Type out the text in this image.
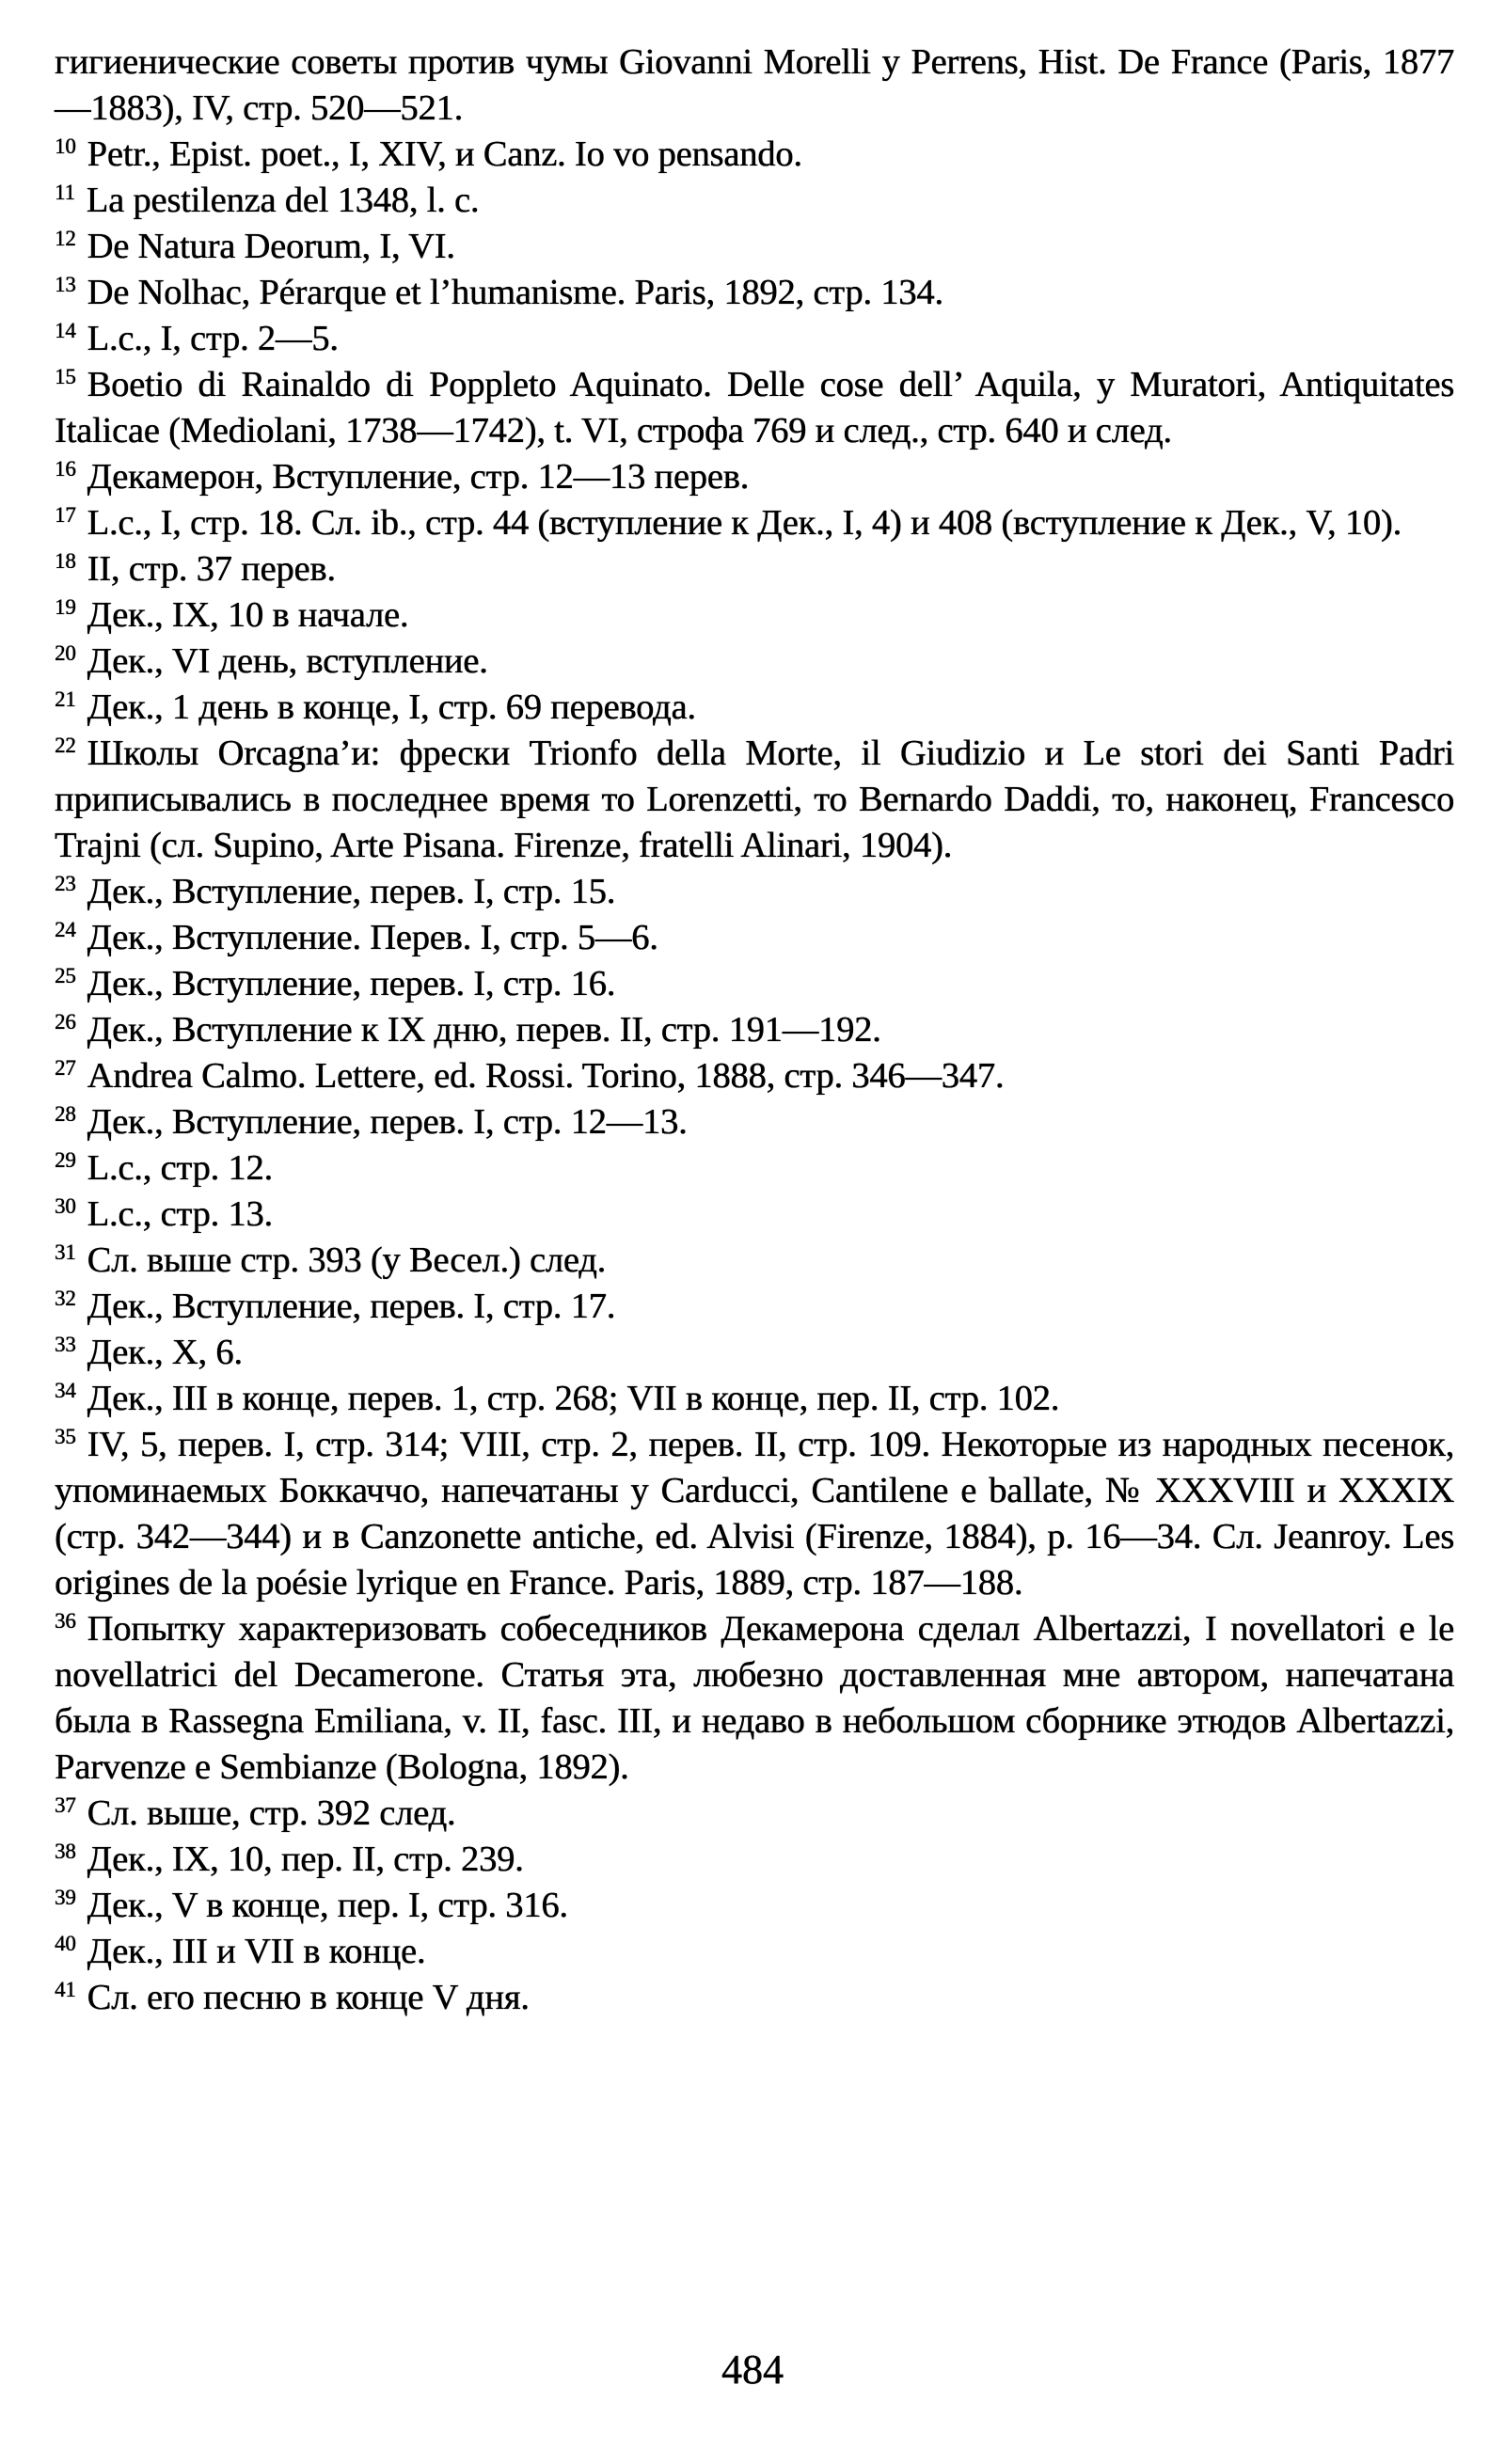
гигиенические советы против чумы Giovanni Morelli у Perrens, Hist. De France (Paris, 1877—1883), IV, стр. 520—521.

$^{10}$ Petr., Epist. poet., I, XIV, и Canz. Io vo pensando.

$^{11}$ La pestilenza del 1348, l. c.

$^{12}$ De Natura Deorum, I, VI.

$^{13}$ De Nolhac, Pérarque et l’humanisme. Paris, 1892, стр. 134.

$^{14}$ L.c., I, стр. 2—5.

$^{15}$ Boetio di Rainaldo di Poppleto Aquinato. Delle cose dell’ Aquila, у Muratori, Antiquitates Italicae (Mediolani, 1738—1742), t. VI, строфа 769 и след., стр. 640 и след.

$^{16}$ Декамерон, Вступление, стр. 12—13 перев.

$^{17}$ L.c., I, стр. 18. Сл. ib., стр. 44 (вступление к Дек., I, 4) и 408 (вступление к Дек., V, 10).

$^{18}$ II, стр. 37 перев.

$^{19}$ Дек., IX, 10 в начале.

$^{20}$ Дек., VI день, вступление.

$^{21}$ Дек., 1 день в конце, I, стр. 69 перевода.

$^{22}$ Школы Orcagna’и: фрески Trionfo della Morte, il Giudizio и Le stori dei Santi Padri приписывались в последнее время то Lorenzetti, то Bernardo Daddi, то, наконец, Francesco Trajni (сл. Supino, Arte Pisana. Firenze, fratelli Alinari, 1904).

$^{23}$ Дек., Вступление, перев. I, стр. 15.

$^{24}$ Дек., Вступление. Перев. I, стр. 5—6.

$^{25}$ Дек., Вступление, перев. I, стр. 16.

$^{26}$ Дек., Вступление к IX дню, перев. II, стр. 191—192.

$^{27}$ Andrea Calmo. Lettere, ed. Rossi. Torino, 1888, стр. 346—347.

$^{28}$ Дек., Вступление, перев. I, стр. 12—13.

$^{29}$ L.c., стр. 12.

$^{30}$ L.c., стр. 13.

$^{31}$ Сл. выше стр. 393 (у Весел.) след.

$^{32}$ Дек., Вступление, перев. I, стр. 17.

$^{33}$ Дек., X, 6.

$^{34}$ Дек., III в конце, перев. 1, стр. 268; VII в конце, пер. II, стр. 102.

$^{35}$ IV, 5, перев. I, стр. 314; VIII, стр. 2, перев. II, стр. 109. Некоторые из народных песенок, упоминаемых Боккаччо, напечатаны у Carducci, Cantilene e ballate, № XXXVIII и XXXIX (стр. 342—344) и в Canzonette antiche, ed. Alvisi (Firenze, 1884), p. 16—34. Сл. Jeanroy. Les origines de la poésie lyrique en France. Paris, 1889, стр. 187—188.

$^{36}$ Попытку характеризовать собеседников Декамерона сделал Albertazzi, I novellatori e le novellatrici del Decamerone. Статья эта, любезно доставленная мне автором, напечатана была в Rassegna Emiliana, v. II, fasc. III, и недаво в небольшом сборнике этюдов Albertazzi, Parvenze e Sembianze (Bologna, 1892).

$^{37}$ Сл. выше, стр. 392 след.

$^{38}$ Дек., IX, 10, пер. II, стр. 239.

$^{39}$ Дек., V в конце, пер. I, стр. 316.

$^{40}$ Дек., III и VII в конце.

$^{41}$ Сл. его песню в конце V дня.

484
